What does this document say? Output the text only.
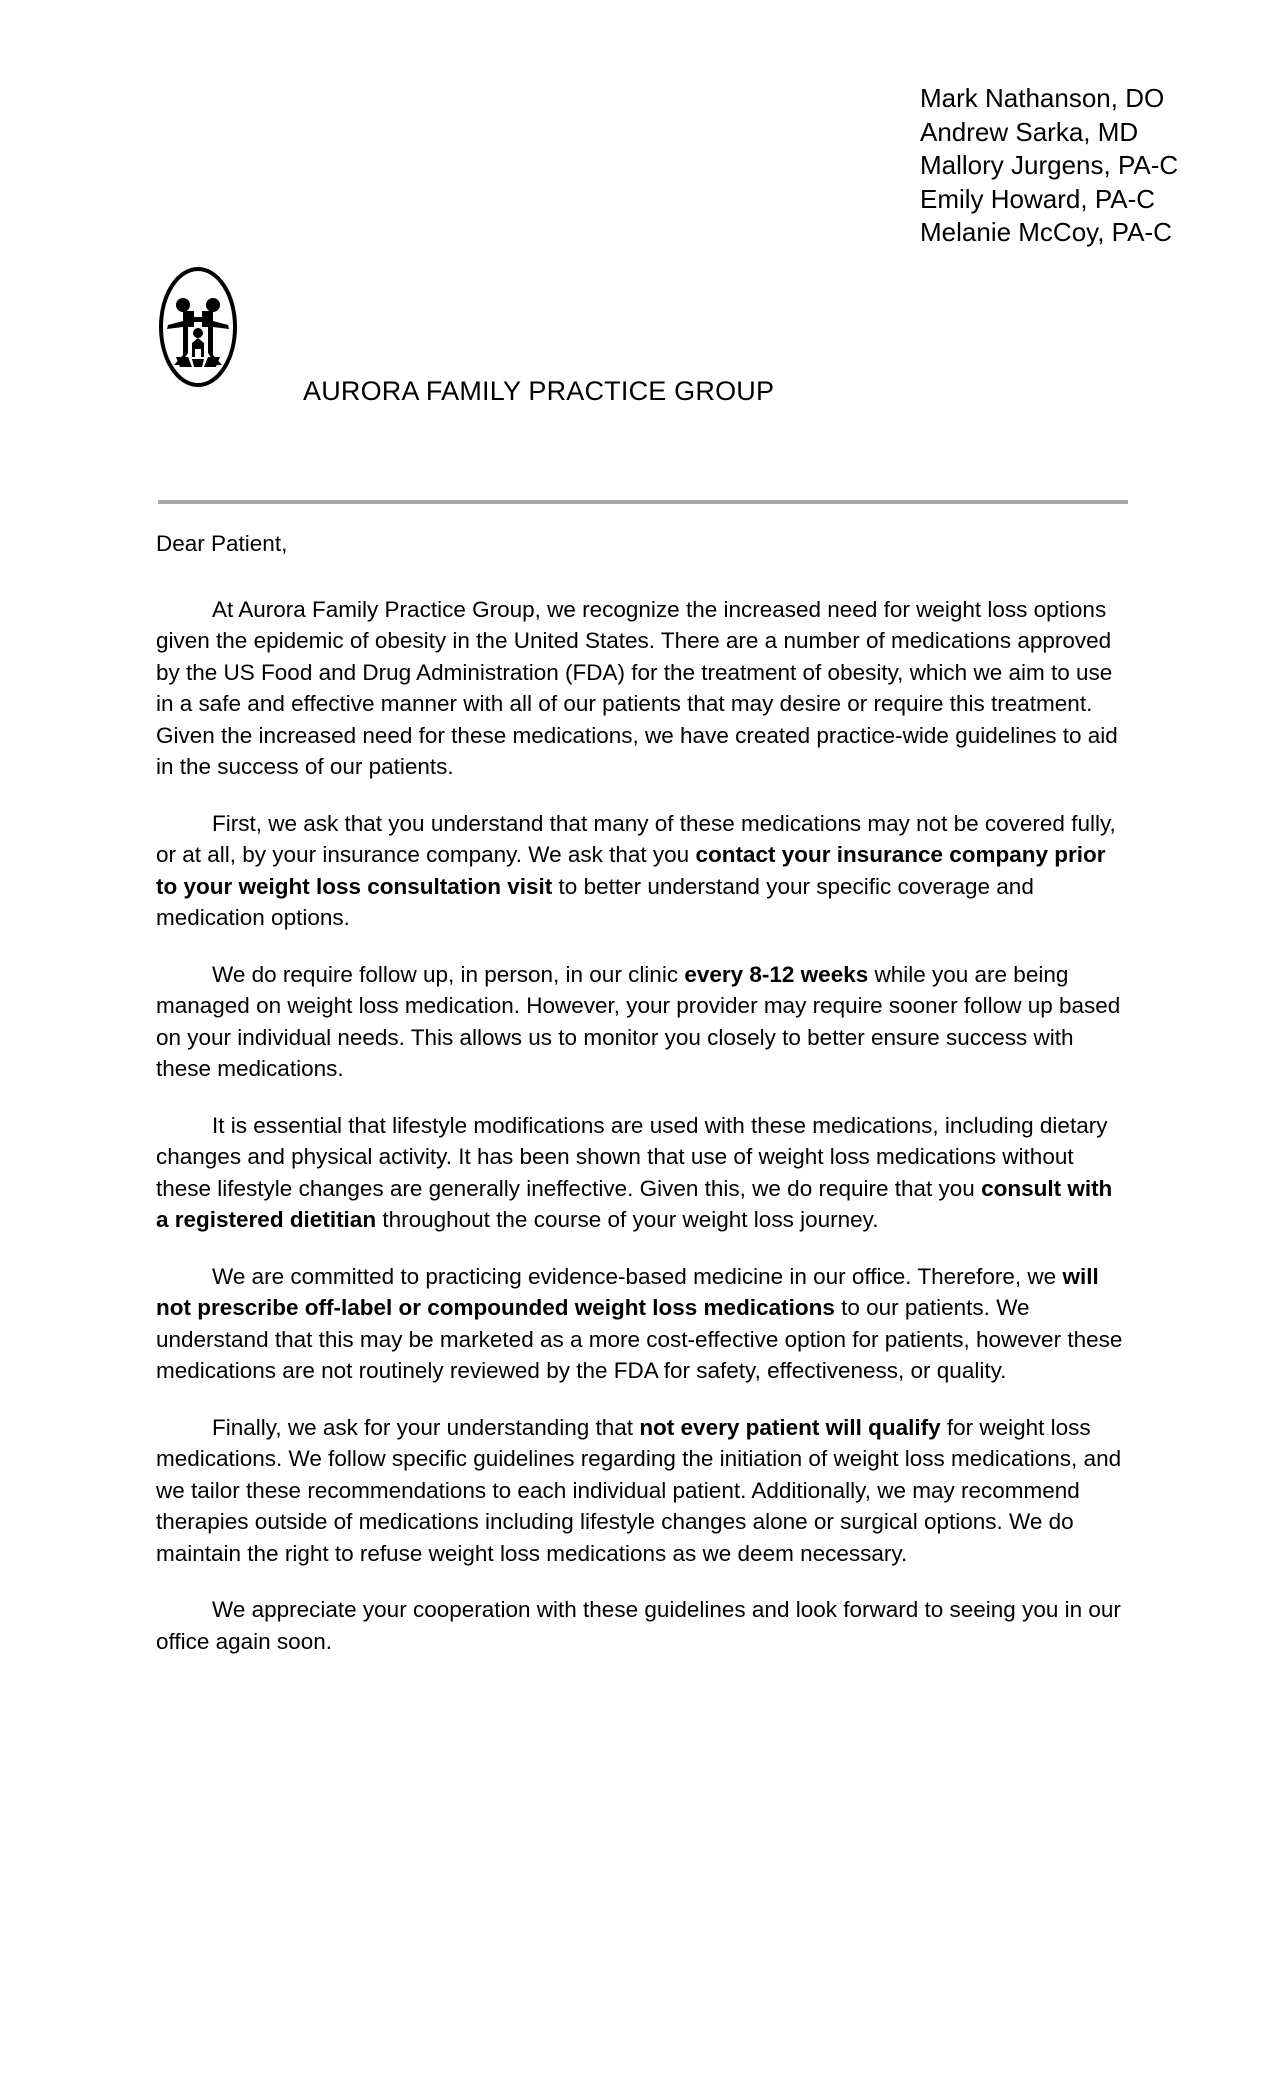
Mark Nathanson, DO
Andrew Sarka, MD
Mallory Jurgens, PA-C
Emily Howard, PA-C
Melanie McCoy, PA-C
AURORA FAMILY PRACTICE GROUP

Dear Patient,

At Aurora Family Practice Group, we recognize the increased need for weight loss options given the epidemic of obesity in the United States. There are a number of medications approved by the US Food and Drug Administration (FDA) for the treatment of obesity, which we aim to use in a safe and effective manner with all of our patients that may desire or require this treatment. Given the increased need for these medications, we have created practice-wide guidelines to aid in the success of our patients.

First, we ask that you understand that many of these medications may not be covered fully, or at all, by your insurance company. We ask that you contact your insurance company prior to your weight loss consultation visit to better understand your specific coverage and medication options.

We do require follow up, in person, in our clinic every 8-12 weeks while you are being managed on weight loss medication. However, your provider may require sooner follow up based on your individual needs. This allows us to monitor you closely to better ensure success with these medications.

It is essential that lifestyle modifications are used with these medications, including dietary changes and physical activity. It has been shown that use of weight loss medications without these lifestyle changes are generally ineffective. Given this, we do require that you consult with a registered dietitian throughout the course of your weight loss journey.

We are committed to practicing evidence-based medicine in our office. Therefore, we will not prescribe off-label or compounded weight loss medications to our patients. We understand that this may be marketed as a more cost-effective option for patients, however these medications are not routinely reviewed by the FDA for safety, effectiveness, or quality.

Finally, we ask for your understanding that not every patient will qualify for weight loss medications. We follow specific guidelines regarding the initiation of weight loss medications, and we tailor these recommendations to each individual patient. Additionally, we may recommend therapies outside of medications including lifestyle changes alone or surgical options. We do maintain the right to refuse weight loss medications as we deem necessary.

We appreciate your cooperation with these guidelines and look forward to seeing you in our office again soon.
